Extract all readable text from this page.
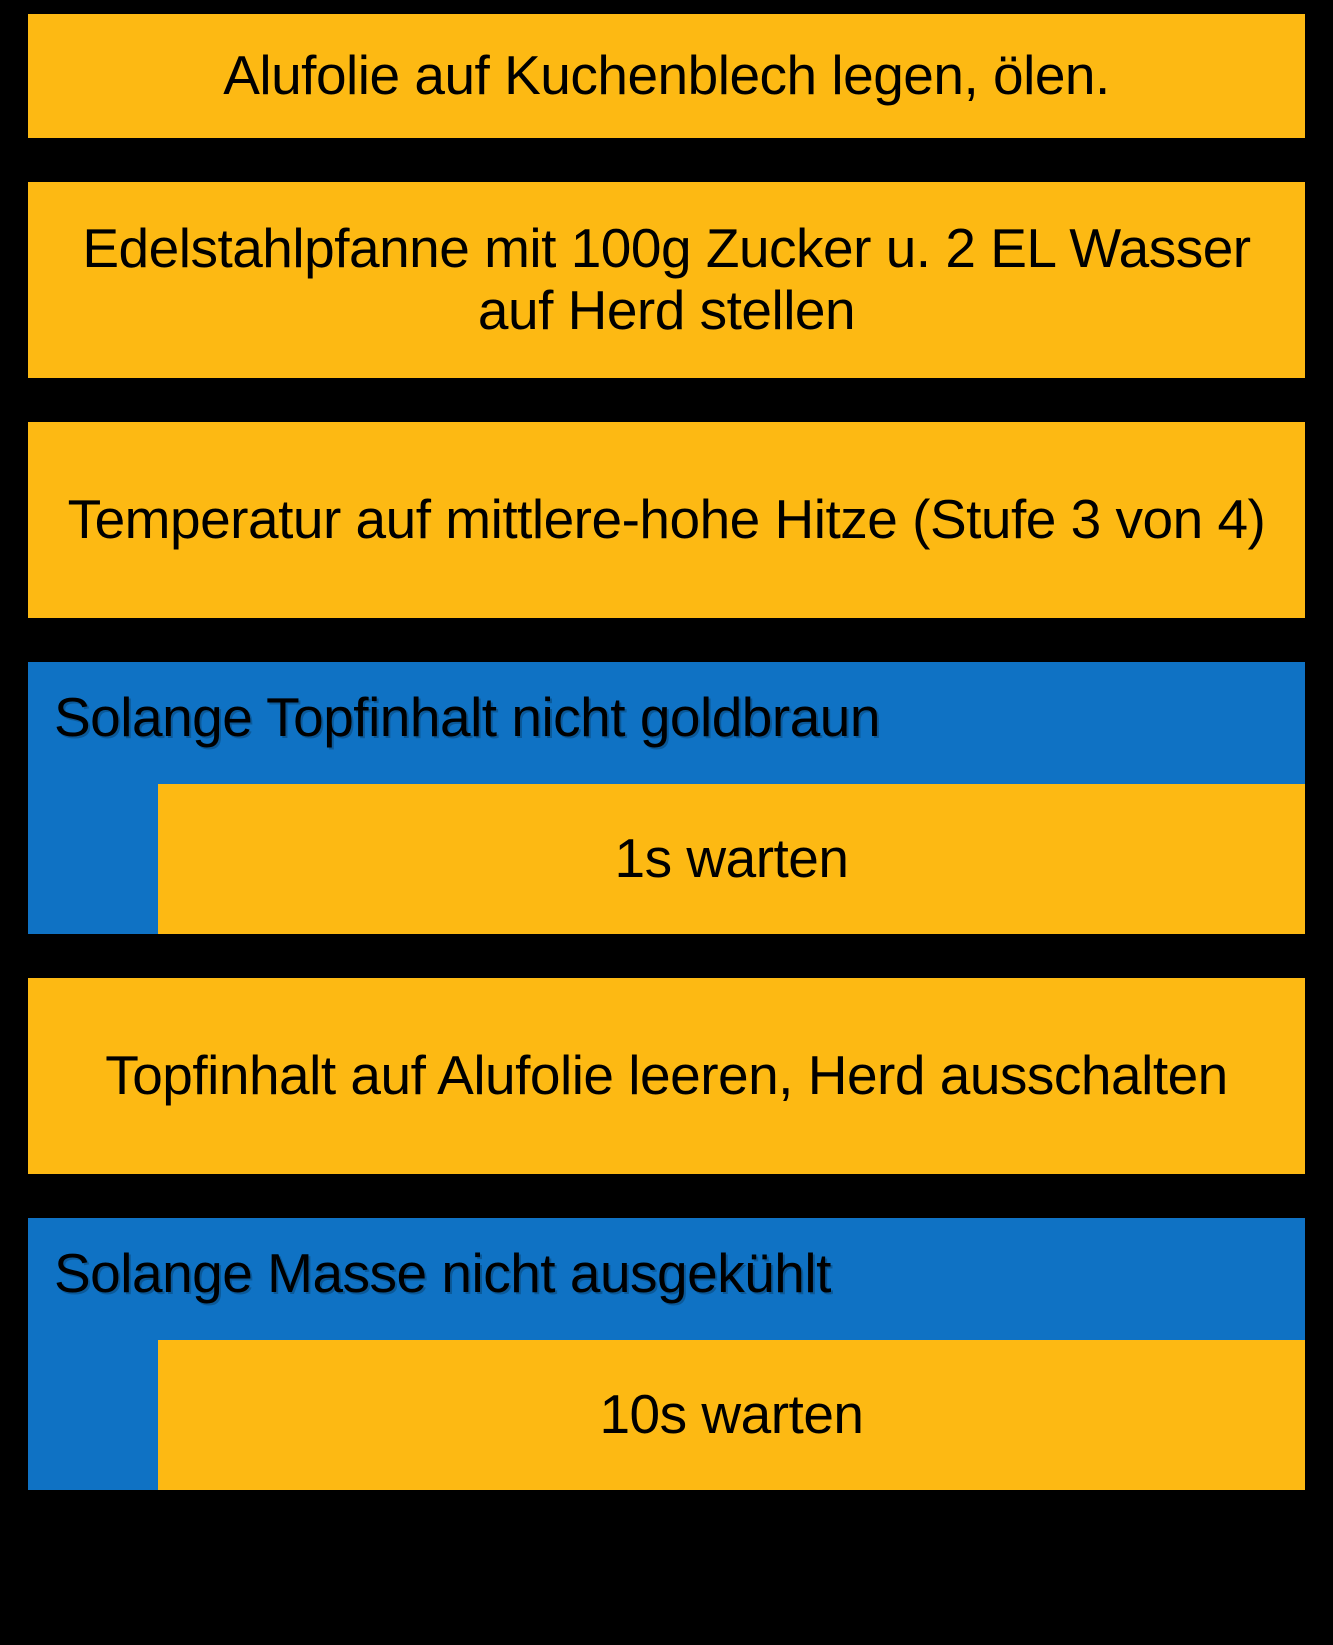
Alufolie auf Kuchenblech legen, ölen.
Edelstahlpfanne mit 100g Zucker u. 2 EL Wasser auf Herd stellen
Temperatur auf mittlere-hohe Hitze (Stufe 3 von 4)
Solange Topfinhalt nicht goldbraun
1s warten
Topfinhalt auf Alufolie leeren, Herd ausschalten
Solange Masse nicht ausgekühlt
10s warten
